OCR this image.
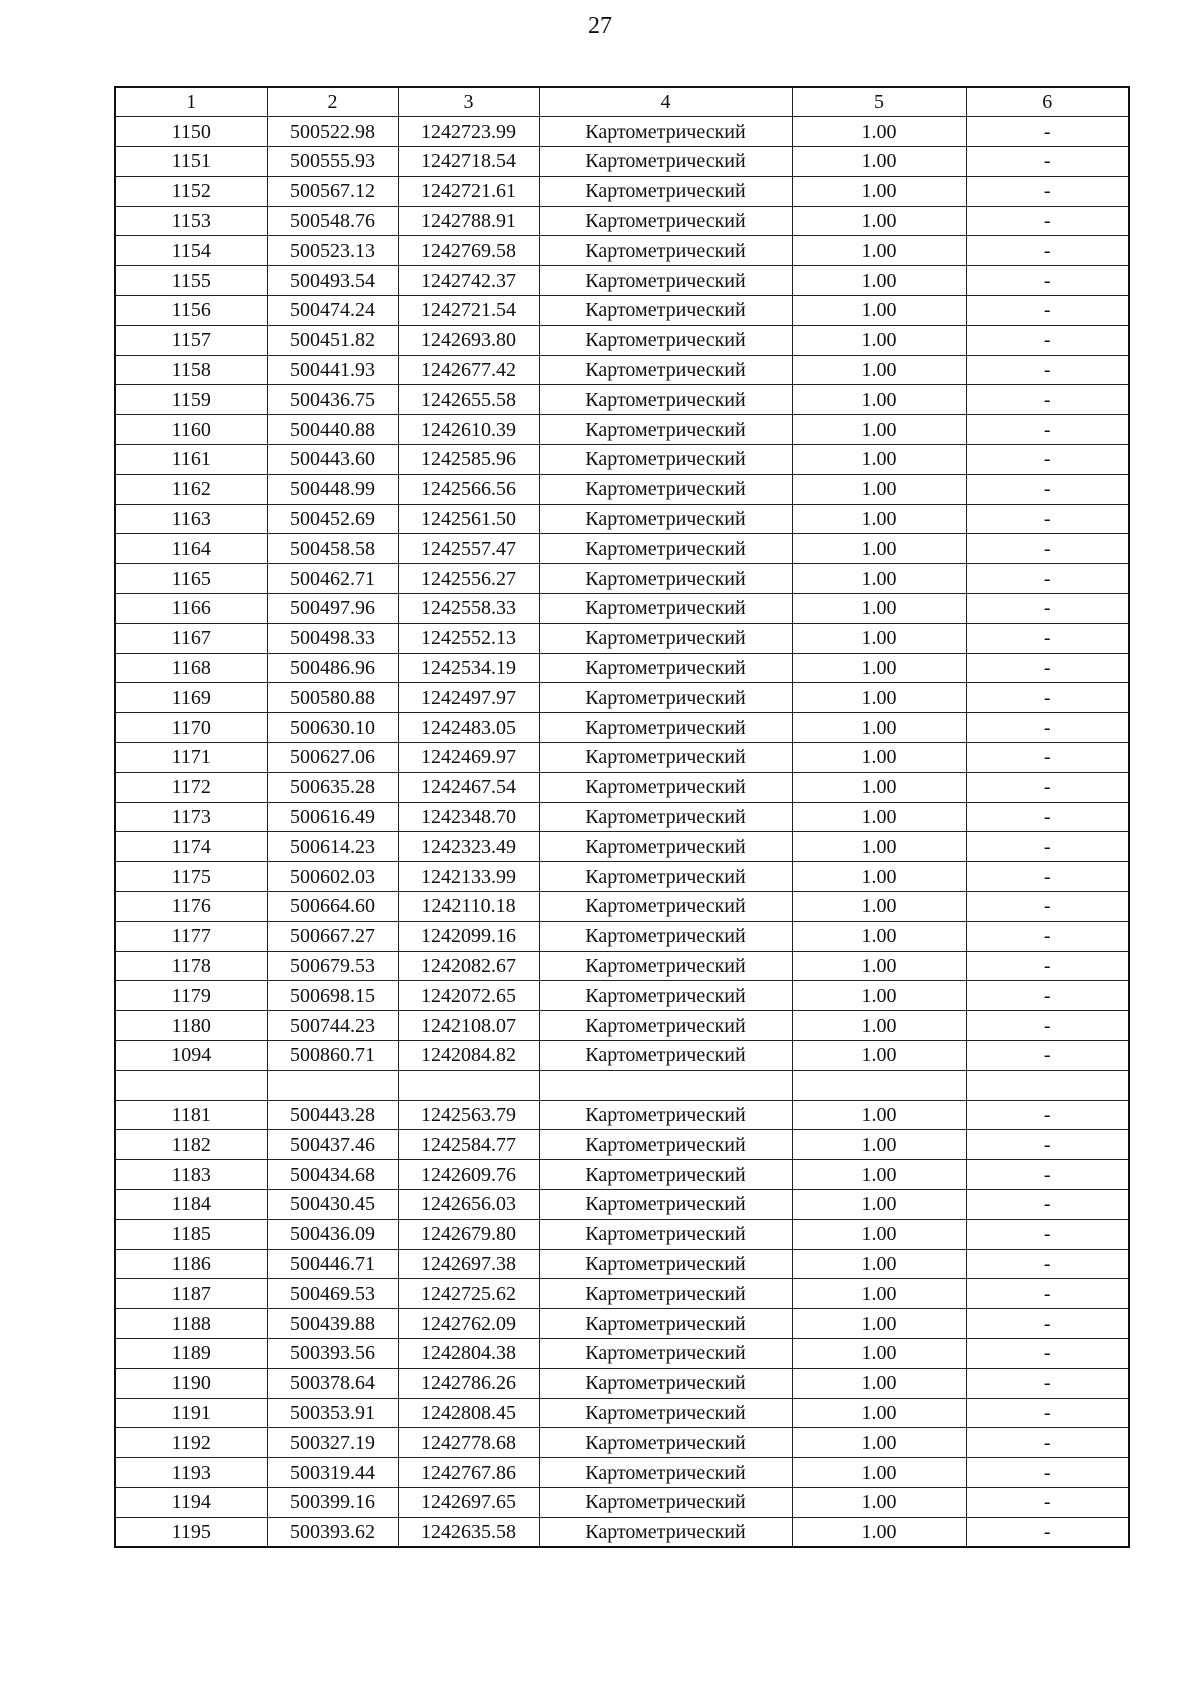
27
1	2	3	4	5	6
1150	500522.98	1242723.99	Картометрический	1.00	-
1151	500555.93	1242718.54	Картометрический	1.00	-
1152	500567.12	1242721.61	Картометрический	1.00	-
1153	500548.76	1242788.91	Картометрический	1.00	-
1154	500523.13	1242769.58	Картометрический	1.00	-
1155	500493.54	1242742.37	Картометрический	1.00	-
1156	500474.24	1242721.54	Картометрический	1.00	-
1157	500451.82	1242693.80	Картометрический	1.00	-
1158	500441.93	1242677.42	Картометрический	1.00	-
1159	500436.75	1242655.58	Картометрический	1.00	-
1160	500440.88	1242610.39	Картометрический	1.00	-
1161	500443.60	1242585.96	Картометрический	1.00	-
1162	500448.99	1242566.56	Картометрический	1.00	-
1163	500452.69	1242561.50	Картометрический	1.00	-
1164	500458.58	1242557.47	Картометрический	1.00	-
1165	500462.71	1242556.27	Картометрический	1.00	-
1166	500497.96	1242558.33	Картометрический	1.00	-
1167	500498.33	1242552.13	Картометрический	1.00	-
1168	500486.96	1242534.19	Картометрический	1.00	-
1169	500580.88	1242497.97	Картометрический	1.00	-
1170	500630.10	1242483.05	Картометрический	1.00	-
1171	500627.06	1242469.97	Картометрический	1.00	-
1172	500635.28	1242467.54	Картометрический	1.00	-
1173	500616.49	1242348.70	Картометрический	1.00	-
1174	500614.23	1242323.49	Картометрический	1.00	-
1175	500602.03	1242133.99	Картометрический	1.00	-
1176	500664.60	1242110.18	Картометрический	1.00	-
1177	500667.27	1242099.16	Картометрический	1.00	-
1178	500679.53	1242082.67	Картометрический	1.00	-
1179	500698.15	1242072.65	Картометрический	1.00	-
1180	500744.23	1242108.07	Картометрический	1.00	-
1094	500860.71	1242084.82	Картометрический	1.00	-

1181	500443.28	1242563.79	Картометрический	1.00	-
1182	500437.46	1242584.77	Картометрический	1.00	-
1183	500434.68	1242609.76	Картометрический	1.00	-
1184	500430.45	1242656.03	Картометрический	1.00	-
1185	500436.09	1242679.80	Картометрический	1.00	-
1186	500446.71	1242697.38	Картометрический	1.00	-
1187	500469.53	1242725.62	Картометрический	1.00	-
1188	500439.88	1242762.09	Картометрический	1.00	-
1189	500393.56	1242804.38	Картометрический	1.00	-
1190	500378.64	1242786.26	Картометрический	1.00	-
1191	500353.91	1242808.45	Картометрический	1.00	-
1192	500327.19	1242778.68	Картометрический	1.00	-
1193	500319.44	1242767.86	Картометрический	1.00	-
1194	500399.16	1242697.65	Картометрический	1.00	-
1195	500393.62	1242635.58	Картометрический	1.00	-
